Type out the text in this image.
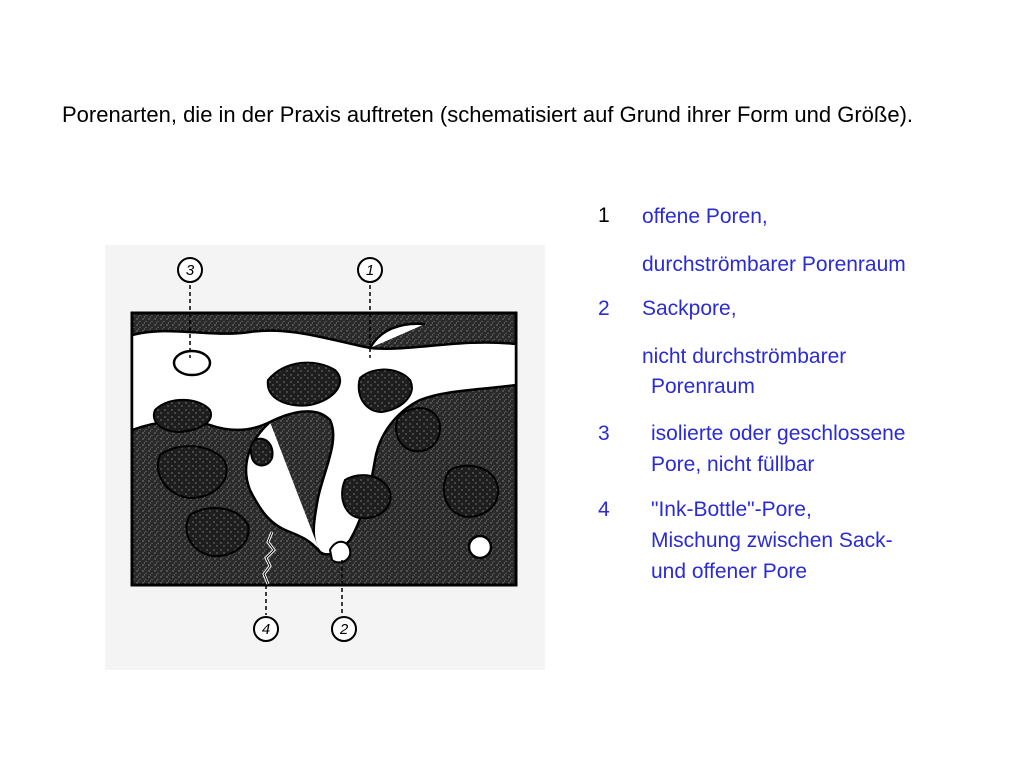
Porenarten, die in der Praxis auftreten (schematisiert auf Grund ihrer Form und Größe).
3	1
4	2
1 offene Poren,
durchströmbarer Porenraum
2 Sackpore,
nicht durchströmbarer
Porenraum
3 isolierte oder geschlossene
Pore, nicht füllbar
4 "Ink-Bottle"-Pore,
Mischung zwischen Sack-
und offener Pore
